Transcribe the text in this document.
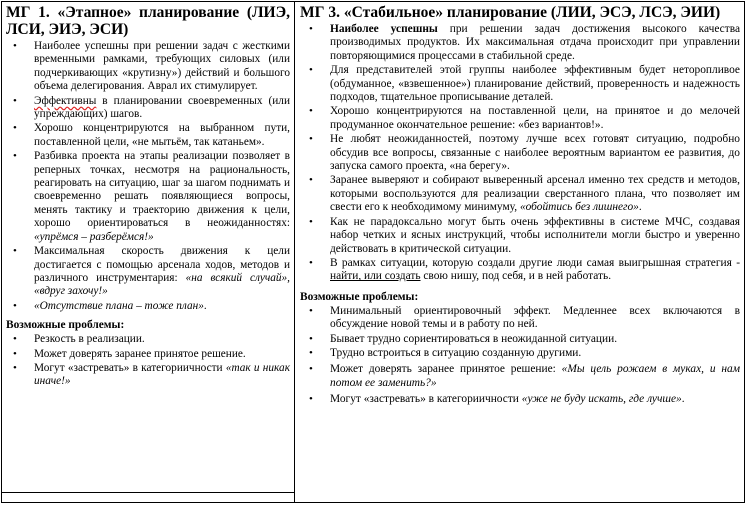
МГ 1. «Этапное» планирование (ЛИЭ, ЛСИ, ЭИЭ, ЭСИ)
• Наиболее успешны при решении задач с жесткими временными рамками, требующих силовых (или подчеркивающих «крутизну») действий и большого объема делегирования. Аврал их стимулирует.
• Эффективны в планировании своевременных (или упреждающих) шагов.
• Хорошо концентрируются на выбранном пути, поставленной цели, «не мытьём, так катаньем».
• Разбивка проекта на этапы реализации позволяет в реперных точках, несмотря на рациональность, реагировать на ситуацию, шаг за шагом поднимать и своевременно решать появляющиеся вопросы, менять тактику и траекторию движения к цели, хорошо ориентироваться в неожиданностях: «упрёмся – разберёмся!»
• Максимальная скорость движения к цели достигается с помощью арсенала ходов, методов и различного инструментария: «на всякий случай», «вдруг захочу!»
• «Отсутствие плана – тоже план».
Возможные проблемы:
• Резкость в реализации.
• Может доверять заранее принятое решение.
• Могут «застревать» в категориичности «так и никак иначе!»
МГ 3. «Стабильное» планирование (ЛИИ, ЭСЭ, ЛСЭ, ЭИИ)
• Наиболее успешны при решении задач достижения высокого качества производимых продуктов. Их максимальная отдача происходит при управлении повторяющимися процессами в стабильной среде.
• Для представителей этой группы наиболее эффективным будет неторопливое (обдуманное, «взвешенное») планирование действий, проверенность и надежность подходов, тщательное прописывание деталей.
• Хорошо концентрируются на поставленной цели, на принятое и до мелочей продуманное окончательное решение: «без вариантов!».
• Не любят неожиданностей, поэтому лучше всех готовят ситуацию, подробно обсудив все вопросы, связанные с наиболее вероятным вариантом ее развития, до запуска самого проекта, «на берегу».
• Заранее выверяют и собирают выверенный арсенал именно тех средств и методов, которыми воспользуются для реализации сверстанного плана, что позволяет им свести его к необходимому минимуму, «обойтись без лишнего».
• Как не парадоксально могут быть очень эффективны в системе МЧС, создавая набор четких и ясных инструкций, чтобы исполнители могли быстро и уверенно действовать в критической ситуации.
• В рамках ситуации, которую создали другие люди самая выигрышная стратегия - найти, или создать свою нишу, под себя, и в ней работать.
Возможные проблемы:
• Минимальный ориентировочный эффект. Медленнее всех включаются в обсуждение новой темы и в работу по ней.
• Бывает трудно сориентироваться в неожиданной ситуации.
• Трудно встроиться в ситуацию созданную другими.
• Может доверять заранее принятое решение: «Мы цель рожаем в муках, и нам потом ее заменить?»
• Могут «застревать» в категориичности «уже не буду искать, где лучше».
